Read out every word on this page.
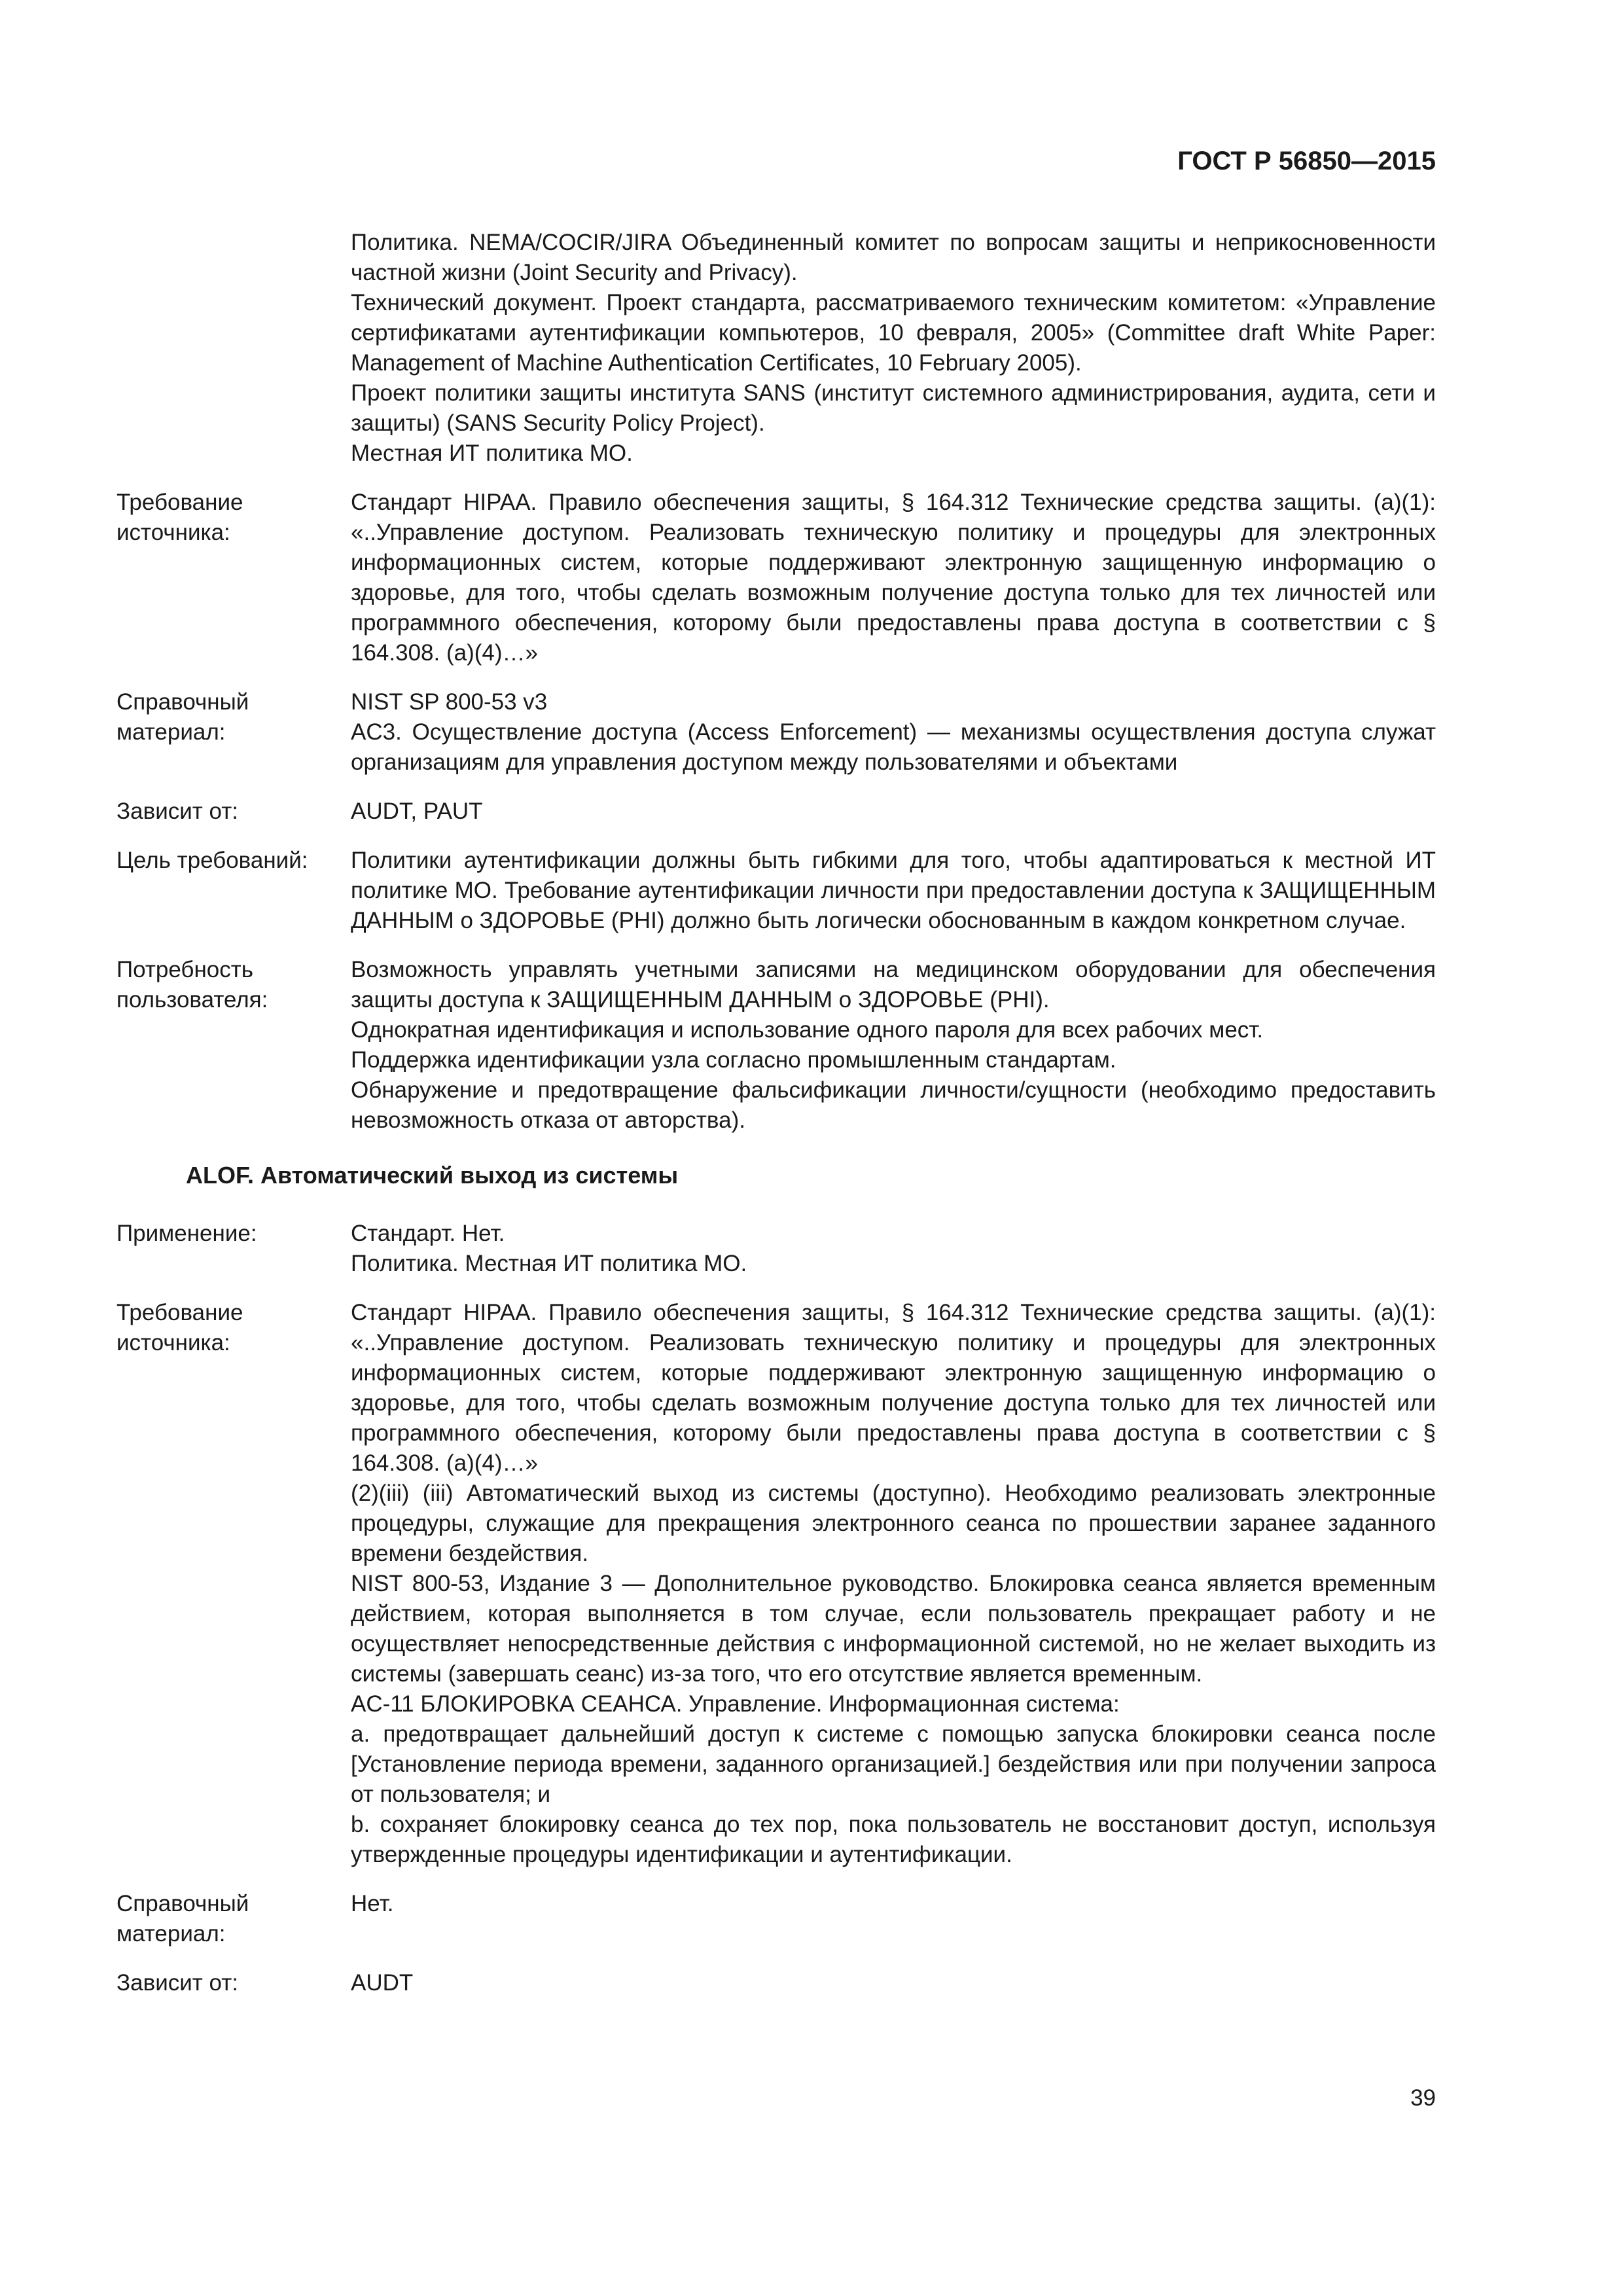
ГОСТ Р 56850—2015
Политика. NEMA/COCIR/JIRA Объединенный комитет по вопросам защиты и неприкосновенности частной жизни (Joint Security and Privacy).
Технический документ. Проект стандарта, рассматриваемого техническим комитетом: «Управление сертификатами аутентификации компьютеров, 10 февраля, 2005» (Committee draft White Paper: Management of Machine Authentication Certificates, 10 February 2005).
Проект политики защиты института SANS (институт системного администрирования, аудита, сети и защиты) (SANS Security Policy Project).
Местная ИТ политика МО.
Требование источника:
Стандарт HIPAA. Правило обеспечения защиты, § 164.312 Технические средства защиты. (a)(1): «..Управление доступом. Реализовать техническую политику и процедуры для электронных информационных систем, которые поддерживают электронную защищенную информацию о здоровье, для того, чтобы сделать возможным получение доступа только для тех личностей или программного обеспечения, которому были предоставлены права доступа в соответствии с § 164.308. (a)(4)…»
Справочный материал:
NIST SP 800-53 v3
AC3. Осуществление доступа (Access Enforcement) — механизмы осуществления доступа служат организациям для управления доступом между пользователями и объектами
Зависит от:	AUDT, PAUT
Цель требований:	Политики аутентификации должны быть гибкими для того, чтобы адаптироваться к местной ИТ политике МО. Требование аутентификации личности при предоставлении доступа к ЗАЩИЩЕННЫМ ДАННЫМ о ЗДОРОВЬЕ (PHI) должно быть логически обоснованным в каждом конкретном случае.
Потребность пользователя:
Возможность управлять учетными записями на медицинском оборудовании для обеспечения защиты доступа к ЗАЩИЩЕННЫМ ДАННЫМ о ЗДОРОВЬЕ (PHI).
Однократная идентификация и использование одного пароля для всех рабочих мест.
Поддержка идентификации узла согласно промышленным стандартам.
Обнаружение и предотвращение фальсификации личности/сущности (необходимо предоставить невозможность отказа от авторства).
ALOF. Автоматический выход из системы
Применение:	Стандарт. Нет.
Политика. Местная ИТ политика МО.
Требование источника:
Стандарт HIPAA. Правило обеспечения защиты, § 164.312 Технические средства защиты. (a)(1): «..Управление доступом. Реализовать техническую политику и процедуры для электронных информационных систем, которые поддерживают электронную защищенную информацию о здоровье, для того, чтобы сделать возможным получение доступа только для тех личностей или программного обеспечения, которому были предоставлены права доступа в соответствии с § 164.308. (a)(4)…»
(2)(iii) (iii) Автоматический выход из системы (доступно). Необходимо реализовать электронные процедуры, служащие для прекращения электронного сеанса по прошествии заранее заданного времени бездействия.
NIST 800-53, Издание 3 — Дополнительное руководство. Блокировка сеанса является временным действием, которая выполняется в том случае, если пользователь прекращает работу и не осуществляет непосредственные действия с информационной системой, но не желает выходить из системы (завершать сеанс) из-за того, что его отсутствие является временным.
AC-11 БЛОКИРОВКА СЕАНСА. Управление. Информационная система:
a. предотвращает дальнейший доступ к системе с помощью запуска блокировки сеанса после [Установление периода времени, заданного организацией.] бездействия или при получении запроса от пользователя; и
b. сохраняет блокировку сеанса до тех пор, пока пользователь не восстановит доступ, используя утвержденные процедуры идентификации и аутентификации.
Справочный материал:
Нет.
Зависит от:	AUDT
39
